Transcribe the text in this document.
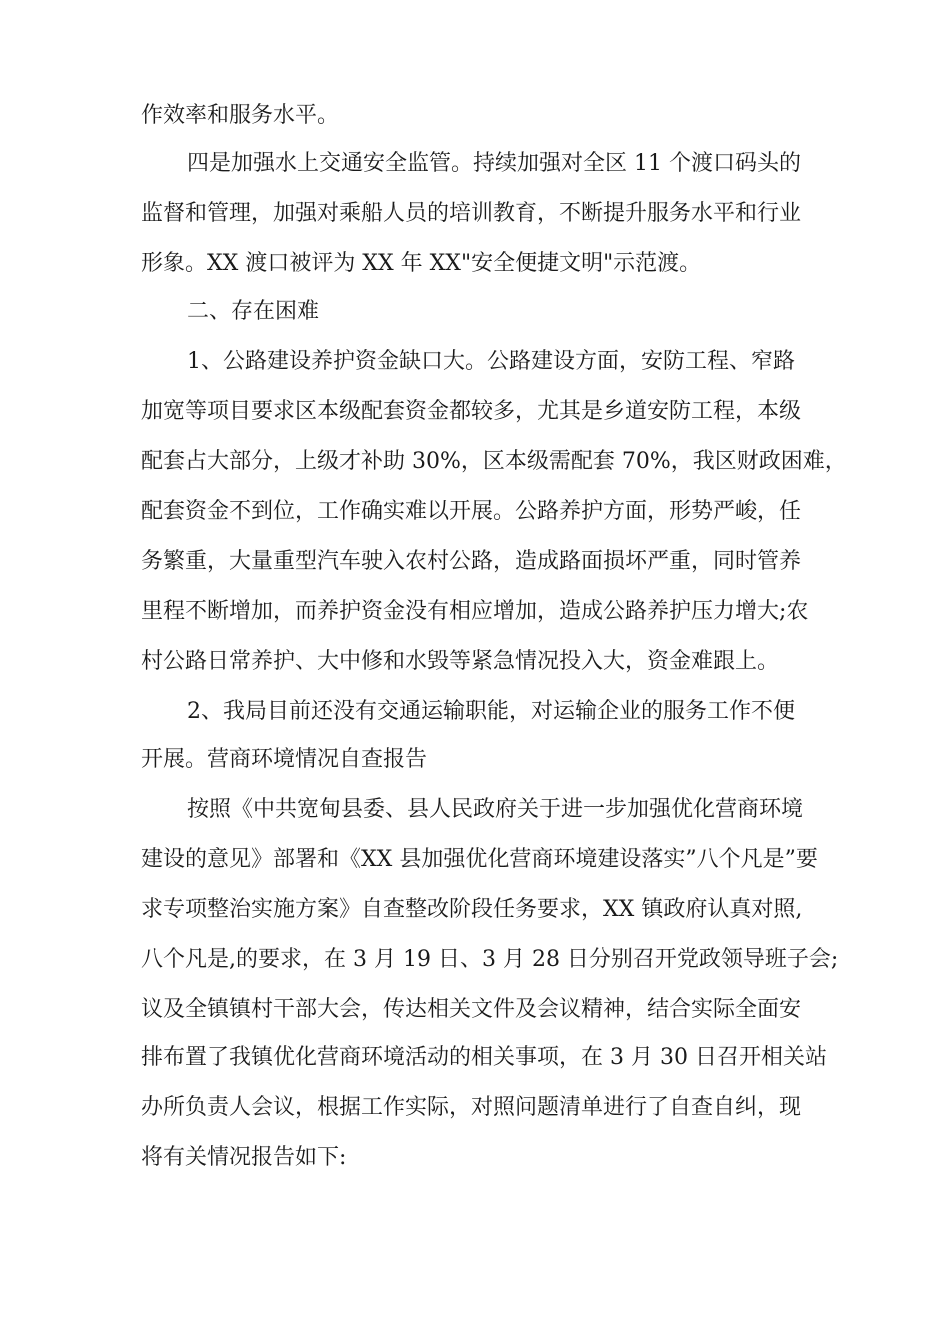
作效率和服务水平。
四是加强水上交通安全监管。持续加强对全区 11 个渡口码头的
监督和管理，加强对乘船人员的培训教育，不断提升服务水平和行业
形象。XX 渡口被评为 XX 年 XX"安全便捷文明"示范渡。
二、存在困难
1、公路建设养护资金缺口大。公路建设方面，安防工程、窄路
加宽等项目要求区本级配套资金都较多，尤其是乡道安防工程，本级
配套占大部分，上级才补助 30%，区本级需配套 70%，我区财政困难，
配套资金不到位，工作确实难以开展。公路养护方面，形势严峻，任
务繁重，大量重型汽车驶入农村公路，造成路面损坏严重，同时管养
里程不断增加，而养护资金没有相应增加，造成公路养护压力增大;农
村公路日常养护、大中修和水毁等紧急情况投入大，资金难跟上。
2、我局目前还没有交通运输职能，对运输企业的服务工作不便
开展。营商环境情况自查报告
按照《中共宽甸县委、县人民政府关于进一步加强优化营商环境
建设的意见》部署和《XX 县加强优化营商环境建设落实”八个凡是”要
求专项整治实施方案》自查整改阶段任务要求，XX 镇政府认真对照,
八个凡是,的要求，在 3 月 19 日、3 月 28 日分别召开党政领导班子会;
议及全镇镇村干部大会，传达相关文件及会议精神，结合实际全面安
排布置了我镇优化营商环境活动的相关事项，在 3 月 30 日召开相关站
办所负责人会议，根据工作实际，对照问题清单进行了自查自纠，现
将有关情况报告如下:
